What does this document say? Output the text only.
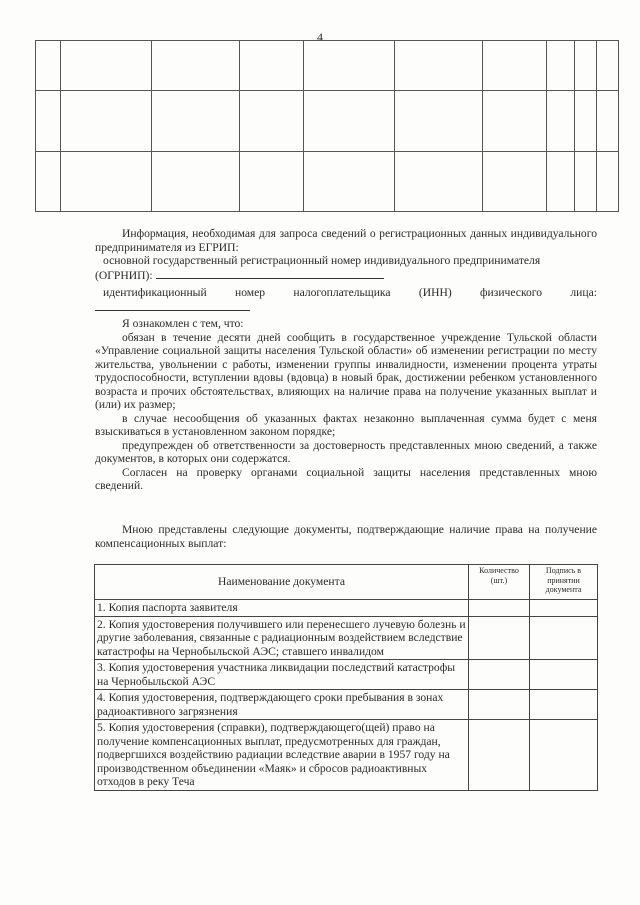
4

Информация, необходимая для запроса сведений о регистрационных данных индивидуального предпринимателя из ЕГРИП:

основной государственный регистрационный номер индивидуального предпринимателя

(ОГРНИП):

идентификационный номер налогоплательщика (ИНН) физического лица:

Я ознакомлен с тем, что:

обязан в течение десяти дней сообщить в государственное учреждение Тульской области «Управление социальной защиты населения Тульской области» об изменении регистрации по месту жительства, увольнении с работы, изменении группы инвалидности, изменении процента утраты трудоспособности, вступлении вдовы (вдовца) в новый брак, достижении ребенком установленного возраста и прочих обстоятельствах, влияющих на наличие права на получение указанных выплат и (или) их размер;

в случае несообщения об указанных фактах незаконно выплаченная сумма будет с меня взыскиваться в установленном законом порядке;

предупрежден об ответственности за достоверность представленных мною сведений, а также документов, в которых они содержатся.

Согласен на проверку органами социальной защиты населения представленных мною сведений.

Мною представлены следующие документы, подтверждающие наличие права на получение компенсационных выплат:

Наименование документа	Количество (шт.)	Подпись в принятии документа
1. Копия паспорта заявителя		
2. Копия удостоверения получившего или перенесшего лучевую болезнь и другие заболевания, связанные с радиационным воздействием вследствие катастрофы на Чернобыльской АЭС; ставшего инвалидом		
3. Копия удостоверения участника ликвидации последствий катастрофы на Чернобыльской АЭС		
4. Копия удостоверения, подтверждающего сроки пребывания в зонах радиоактивного загрязнения		
5. Копия удостоверения (справки), подтверждающего(щей) право на получение компенсационных выплат, предусмотренных для граждан, подвергшихся воздействию радиации вследствие аварии в 1957 году на производственном объединении «Маяк» и сбросов радиоактивных отходов в реку Теча		
